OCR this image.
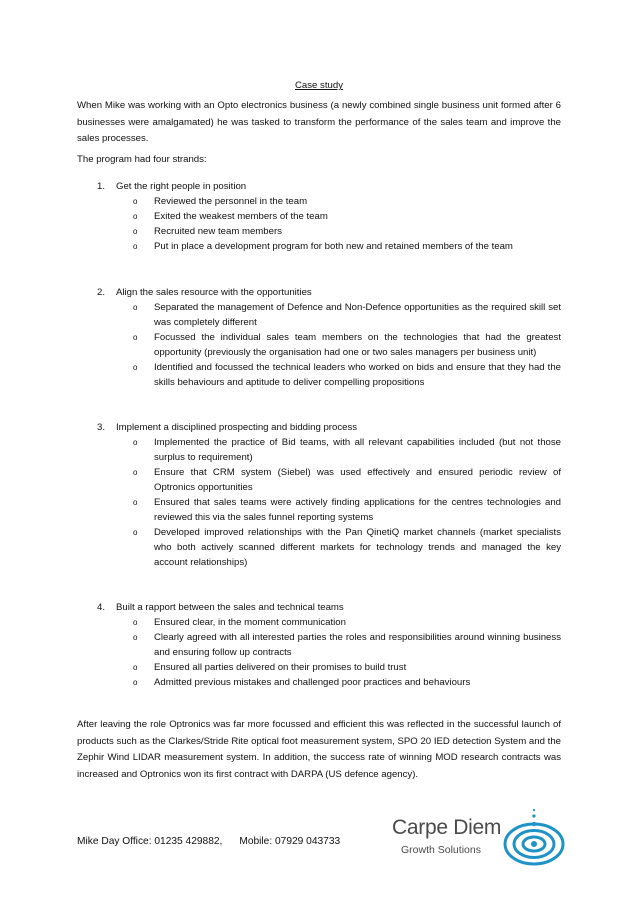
Case study

When Mike was working with an Opto electronics business (a newly combined single business unit formed after 6 businesses were amalgamated) he was tasked to transform the performance of the sales team and improve the sales processes.

The program had four strands:

1. Get the right people in position
o Reviewed the personnel in the team
o Exited the weakest members of the team
o Recruited new team members
o Put in place a development program for both new and retained members of the team
2. Align the sales resource with the opportunities
o Separated the management of Defence and Non-Defence opportunities as the required skill set was completely different
o Focussed the individual sales team members on the technologies that had the greatest opportunity (previously the organisation had one or two sales managers per business unit)
o Identified and focussed the technical leaders who worked on bids and ensure that they had the skills behaviours and aptitude to deliver compelling propositions
3. Implement a disciplined prospecting and bidding process
o Implemented the practice of Bid teams, with all relevant capabilities included (but not those surplus to requirement)
o Ensure that CRM system (Siebel) was used effectively and ensured periodic review of Optronics opportunities
o Ensured that sales teams were actively finding applications for the centres technologies and reviewed this via the sales funnel reporting systems
o Developed improved relationships with the Pan QinetiQ market channels (market specialists who both actively scanned different markets for technology trends and managed the key account relationships)
4. Built a rapport between the sales and technical teams
o Ensured clear, in the moment communication
o Clearly agreed with all interested parties the roles and responsibilities around winning business and ensuring follow up contracts
o Ensured all parties delivered on their promises to build trust
o Admitted previous mistakes and challenged poor practices and behaviours

After leaving the role Optronics was far more focussed and efficient this was reflected in the successful launch of products such as the Clarkes/Stride Rite optical foot measurement system, SPO 20 IED detection System and the Zephir Wind LIDAR measurement system. In addition, the success rate of winning MOD research contracts was increased and Optronics won its first contract with DARPA (US defence agency).

Mike Day Office: 01235 429882,      Mobile: 07929 043733
Carpe Diem
Growth Solutions
